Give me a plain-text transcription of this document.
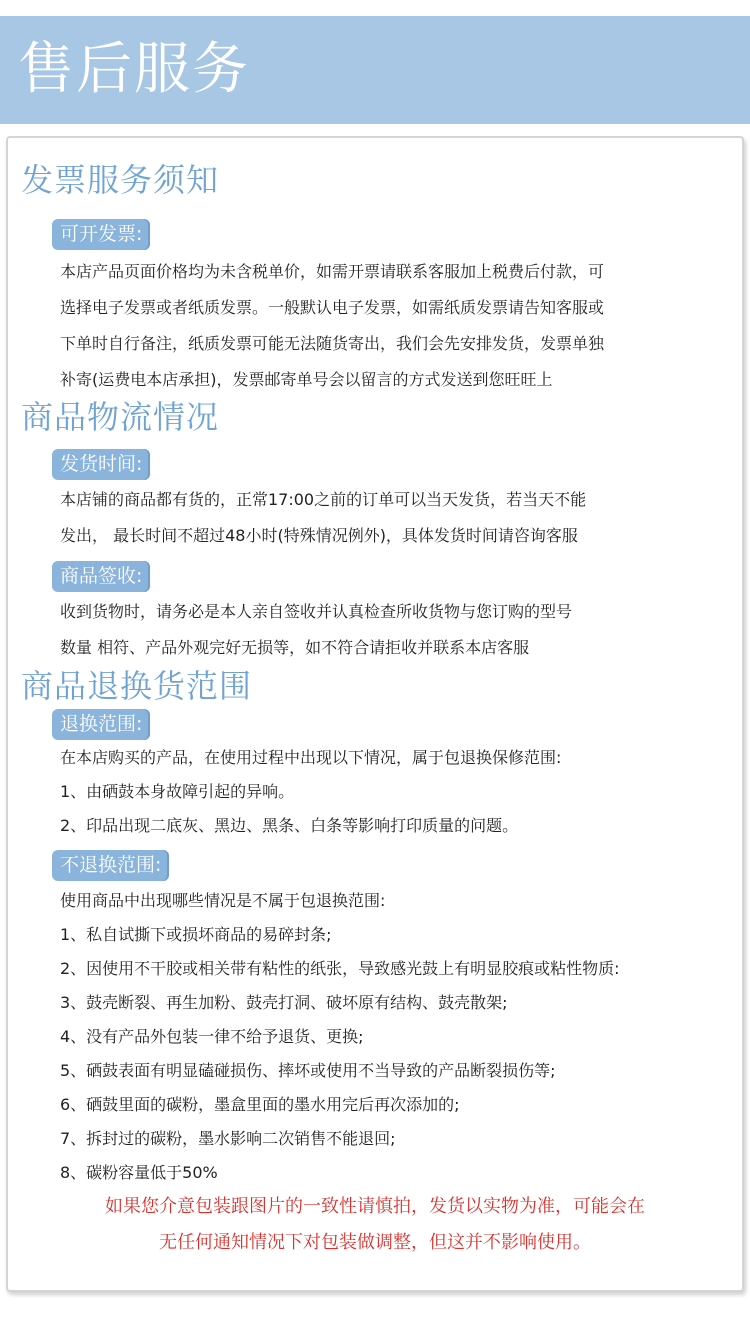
售后服务
发票服务须知
可开发票:
本店产品页面价格均为未含税单价，如需开票请联系客服加上税费后付款，可
选择电子发票或者纸质发票。一般默认电子发票，如需纸质发票请告知客服或
下单时自行备注，纸质发票可能无法随货寄出，我们会先安排发货，发票单独
补寄(运费电本店承担)，发票邮寄单号会以留言的方式发送到您旺旺上
商品物流情况
发货时间:
本店铺的商品都有货的，正常17:00之前的订单可以当天发货，若当天不能
发出， 最长时间不超过48小时(特殊情况例外)，具体发货时间请咨询客服
商品签收:
收到货物时，请务必是本人亲自签收并认真检查所收货物与您订购的型号
数量 相符、产品外观完好无损等，如不符合请拒收并联系本店客服
商品退换货范围
退换范围:
在本店购买的产品，在使用过程中出现以下情况，属于包退换保修范围:
1、由硒鼓本身故障引起的异响。
2、印品出现二底灰、黑边、黑条、白条等影响打印质量的问题。
不退换范围:
使用商品中出现哪些情况是不属于包退换范围:
1、私自试撕下或损坏商品的易碎封条;
2、因使用不干胶或相关带有粘性的纸张，导致感光鼓上有明显胶痕或粘性物质:
3、鼓壳断裂、再生加粉、鼓壳打洞、破坏原有结构、鼓壳散架;
4、没有产品外包装一律不给予退货、更换;
5、硒鼓表面有明显磕碰损伤、摔坏或使用不当导致的产品断裂损伤等;
6、硒鼓里面的碳粉，墨盒里面的墨水用完后再次添加的;
7、拆封过的碳粉，墨水影响二次销售不能退回;
8、碳粉容量低于50%
如果您介意包装跟图片的一致性请慎拍，发货以实物为准，可能会在
无任何通知情况下对包装做调整，但这并不影响使用。
